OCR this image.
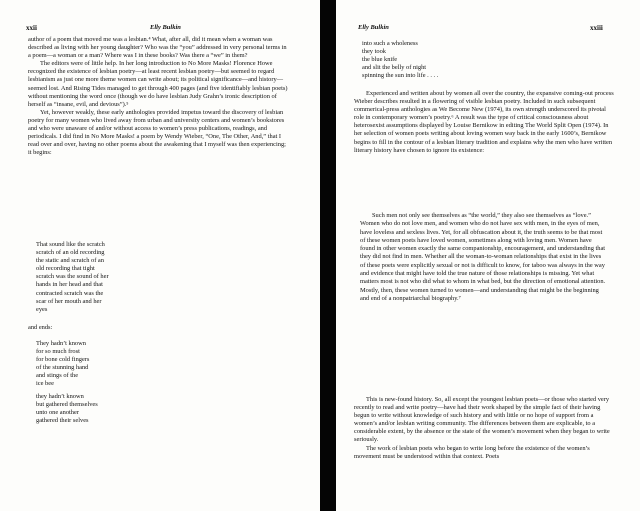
xxii	Elly Bulkin

author of a poem that moved me was a lesbian.⁴ What, after all, did it mean when a woman was described as living with her young daughter? Who was the “you” addressed in very personal terms in a poem—a woman or a man? Where was I in these books? Was there a “we” in them?

The editors were of little help. In her long introduction to No More Masks! Florence Howe recognized the existence of lesbian poetry—at least recent lesbian poetry—but seemed to regard lesbianism as just one more theme women can write about; its political significance—and history—seemed lost. And Rising Tides managed to get through 400 pages (and five identifiably lesbian poets) without mentioning the word once (though we do have lesbian Judy Grahn’s ironic description of herself as “insane, evil, and devious”).⁵

Yet, however weakly, these early anthologies provided impetus toward the discovery of lesbian poetry for many women who lived away from urban and university centers and women’s bookstores and who were unaware of and/or without access to women’s press publications, readings, and periodicals. I did find in No More Masks! a poem by Wendy Wieber, “One, The Other, And,” that I read over and over, having no other poems about the awakening that I myself was then experiencing; it begins:

That sound like the scratch
scratch of an old recording
the static and scratch of an
old recording that tight
scratch was the sound of her
hands in her head and that
contracted scratch was the
scar of her mouth and her
eyes

and ends:

They hadn’t known
for so much frost
for bone cold fingers
of the stunning hand
and stings of the
ice bee

they hadn’t known
but gathered themselves
unto one another
gathered their selves

Elly Bulkin	xxiii

into such a wholeness
they took
the blue knife
and slit the belly of night
spinning the sun into life . . . .

Experienced and written about by women all over the country, the expansive coming-out process Wieber describes resulted in a flowering of visible lesbian poetry. Included in such subsequent commerical-press anthologies as We Become New (1974), its own strength underscored its pivotal role in contemporary women’s poetry.⁶ A result was the type of critical consciousness about heterosexist assumptions displayed by Louise Bernikow in editing The World Split Open (1974). In her selection of women poets writing about loving women way back in the early 1600’s, Bernikow begins to fill in the contour of a lesbian literary tradition and explains why the men who have written literary history have chosen to ignore its existence:

Such men not only see themselves as “the world,” they also see themselves as “love.” Women who do not love men, and women who do not have sex with men, in the eyes of men, have loveless and sexless lives. Yet, for all obfuscation about it, the truth seems to be that most of these women poets have loved women, sometimes along with loving men. Women have found in other women exactly the same companionship, encouragement, and understanding that they did not find in men. Whether all the woman-to-woman relationships that exist in the lives of these poets were explicitly sexual or not is difficult to know, for taboo was always in the way and evidence that might have told the true nature of those relationships is missing. Yet what matters most is not who did what to whom in what bed, but the direction of emotional attention. Mostly, then, these women turned to women—and understanding that might be the beginning and end of a nonpatriarchal biography.⁷

This is new-found history. So, all except the youngest lesbian poets—or those who started very recently to read and write poetry—have had their work shaped by the simple fact of their having begun to write without knowledge of such history and with little or no hope of support from a women’s and/or lesbian writing community. The differences between them are explicable, to a considerable extent, by the absence or the state of the women’s movement when they began to write seriously.

The work of lesbian poets who began to write long before the existence of the women’s movement must be understood within that context. Poets
